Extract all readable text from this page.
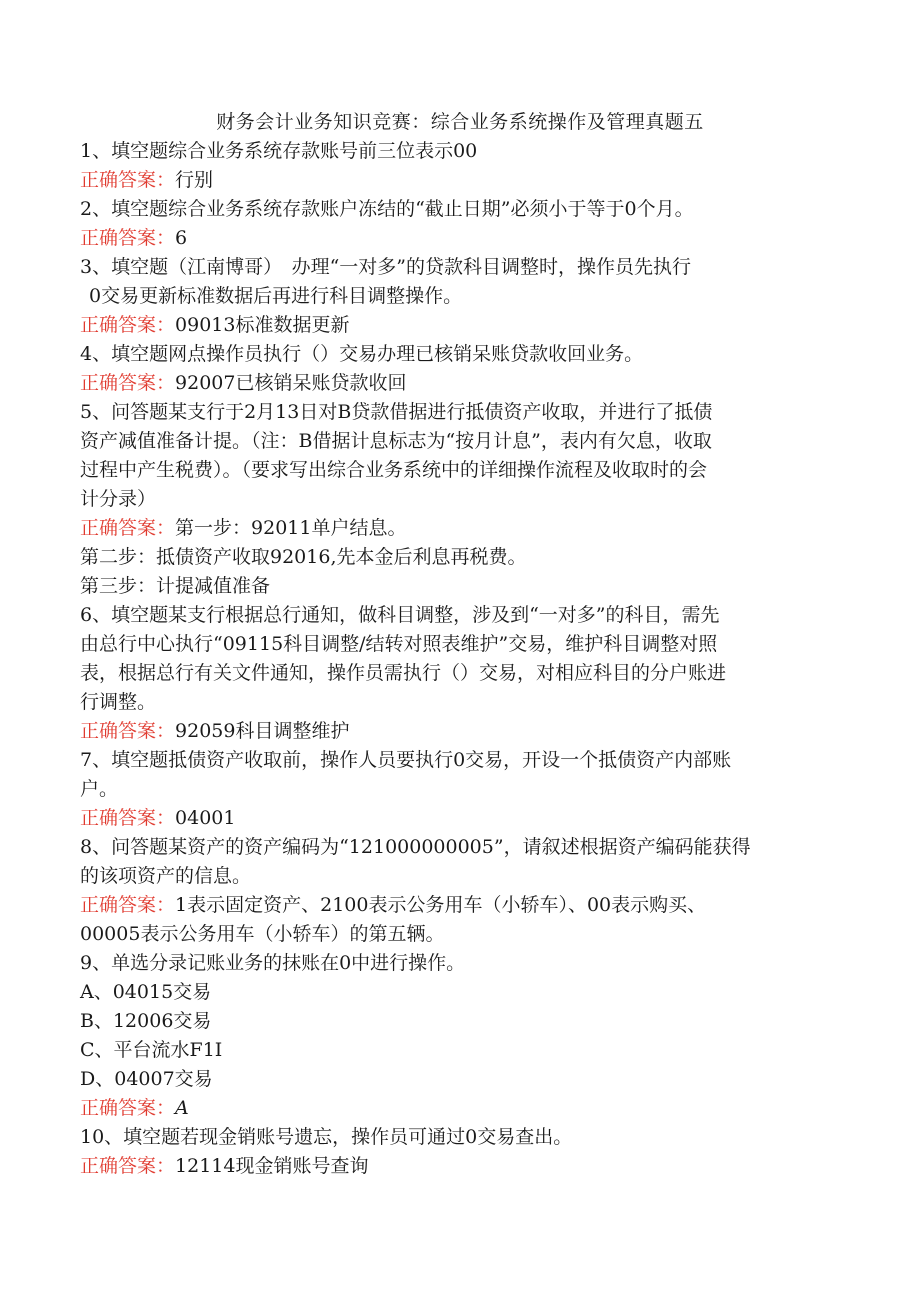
财务会计业务知识竞赛：综合业务系统操作及管理真题五

1、填空题综合业务系统存款账号前三位表示00

正确答案：行别

2、填空题综合业务系统存款账户冻结的“截止日期”必须小于等于0个月。

正确答案：6

3、填空题（江南博哥）　办理“一对多”的贷款科目调整时，操作员先执行

0交易更新标准数据后再进行科目调整操作。

正确答案：09013标准数据更新

4、填空题网点操作员执行（）交易办理已核销呆账贷款收回业务。

正确答案：92007已核销呆账贷款收回

5、问答题某支行于2月13日对B贷款借据进行抵债资产收取，并进行了抵债

资产减值准备计提。（注：B借据计息标志为“按月计息”，表内有欠息，收取

过程中产生税费）。（要求写出综合业务系统中的详细操作流程及收取时的会

计分录）

正确答案：第一步：92011单户结息。

第二步：抵债资产收取92016,先本金后利息再税费。

第三步：计提减值准备

6、填空题某支行根据总行通知，做科目调整，涉及到“一对多”的科目，需先

由总行中心执行“09115科目调整/结转对照表维护”交易，维护科目调整对照

表，根据总行有关文件通知，操作员需执行（）交易，对相应科目的分户账进

行调整。

正确答案：92059科目调整维护

7、填空题抵债资产收取前，操作人员要执行0交易，开设一个抵债资产内部账

户。

正确答案：04001

8、问答题某资产的资产编码为“121000000005”，请叙述根据资产编码能获得

的该项资产的信息。

正确答案：1表示固定资产、2100表示公务用车（小轿车）、00表示购买、

00005表示公务用车（小轿车）的第五辆。

9、单选分录记账业务的抹账在0中进行操作。

A、04015交易

B、12006交易

C、平台流水F1I

D、04007交易

正确答案：A

10、填空题若现金销账号遗忘，操作员可通过0交易查出。

正确答案：12114现金销账号查询
